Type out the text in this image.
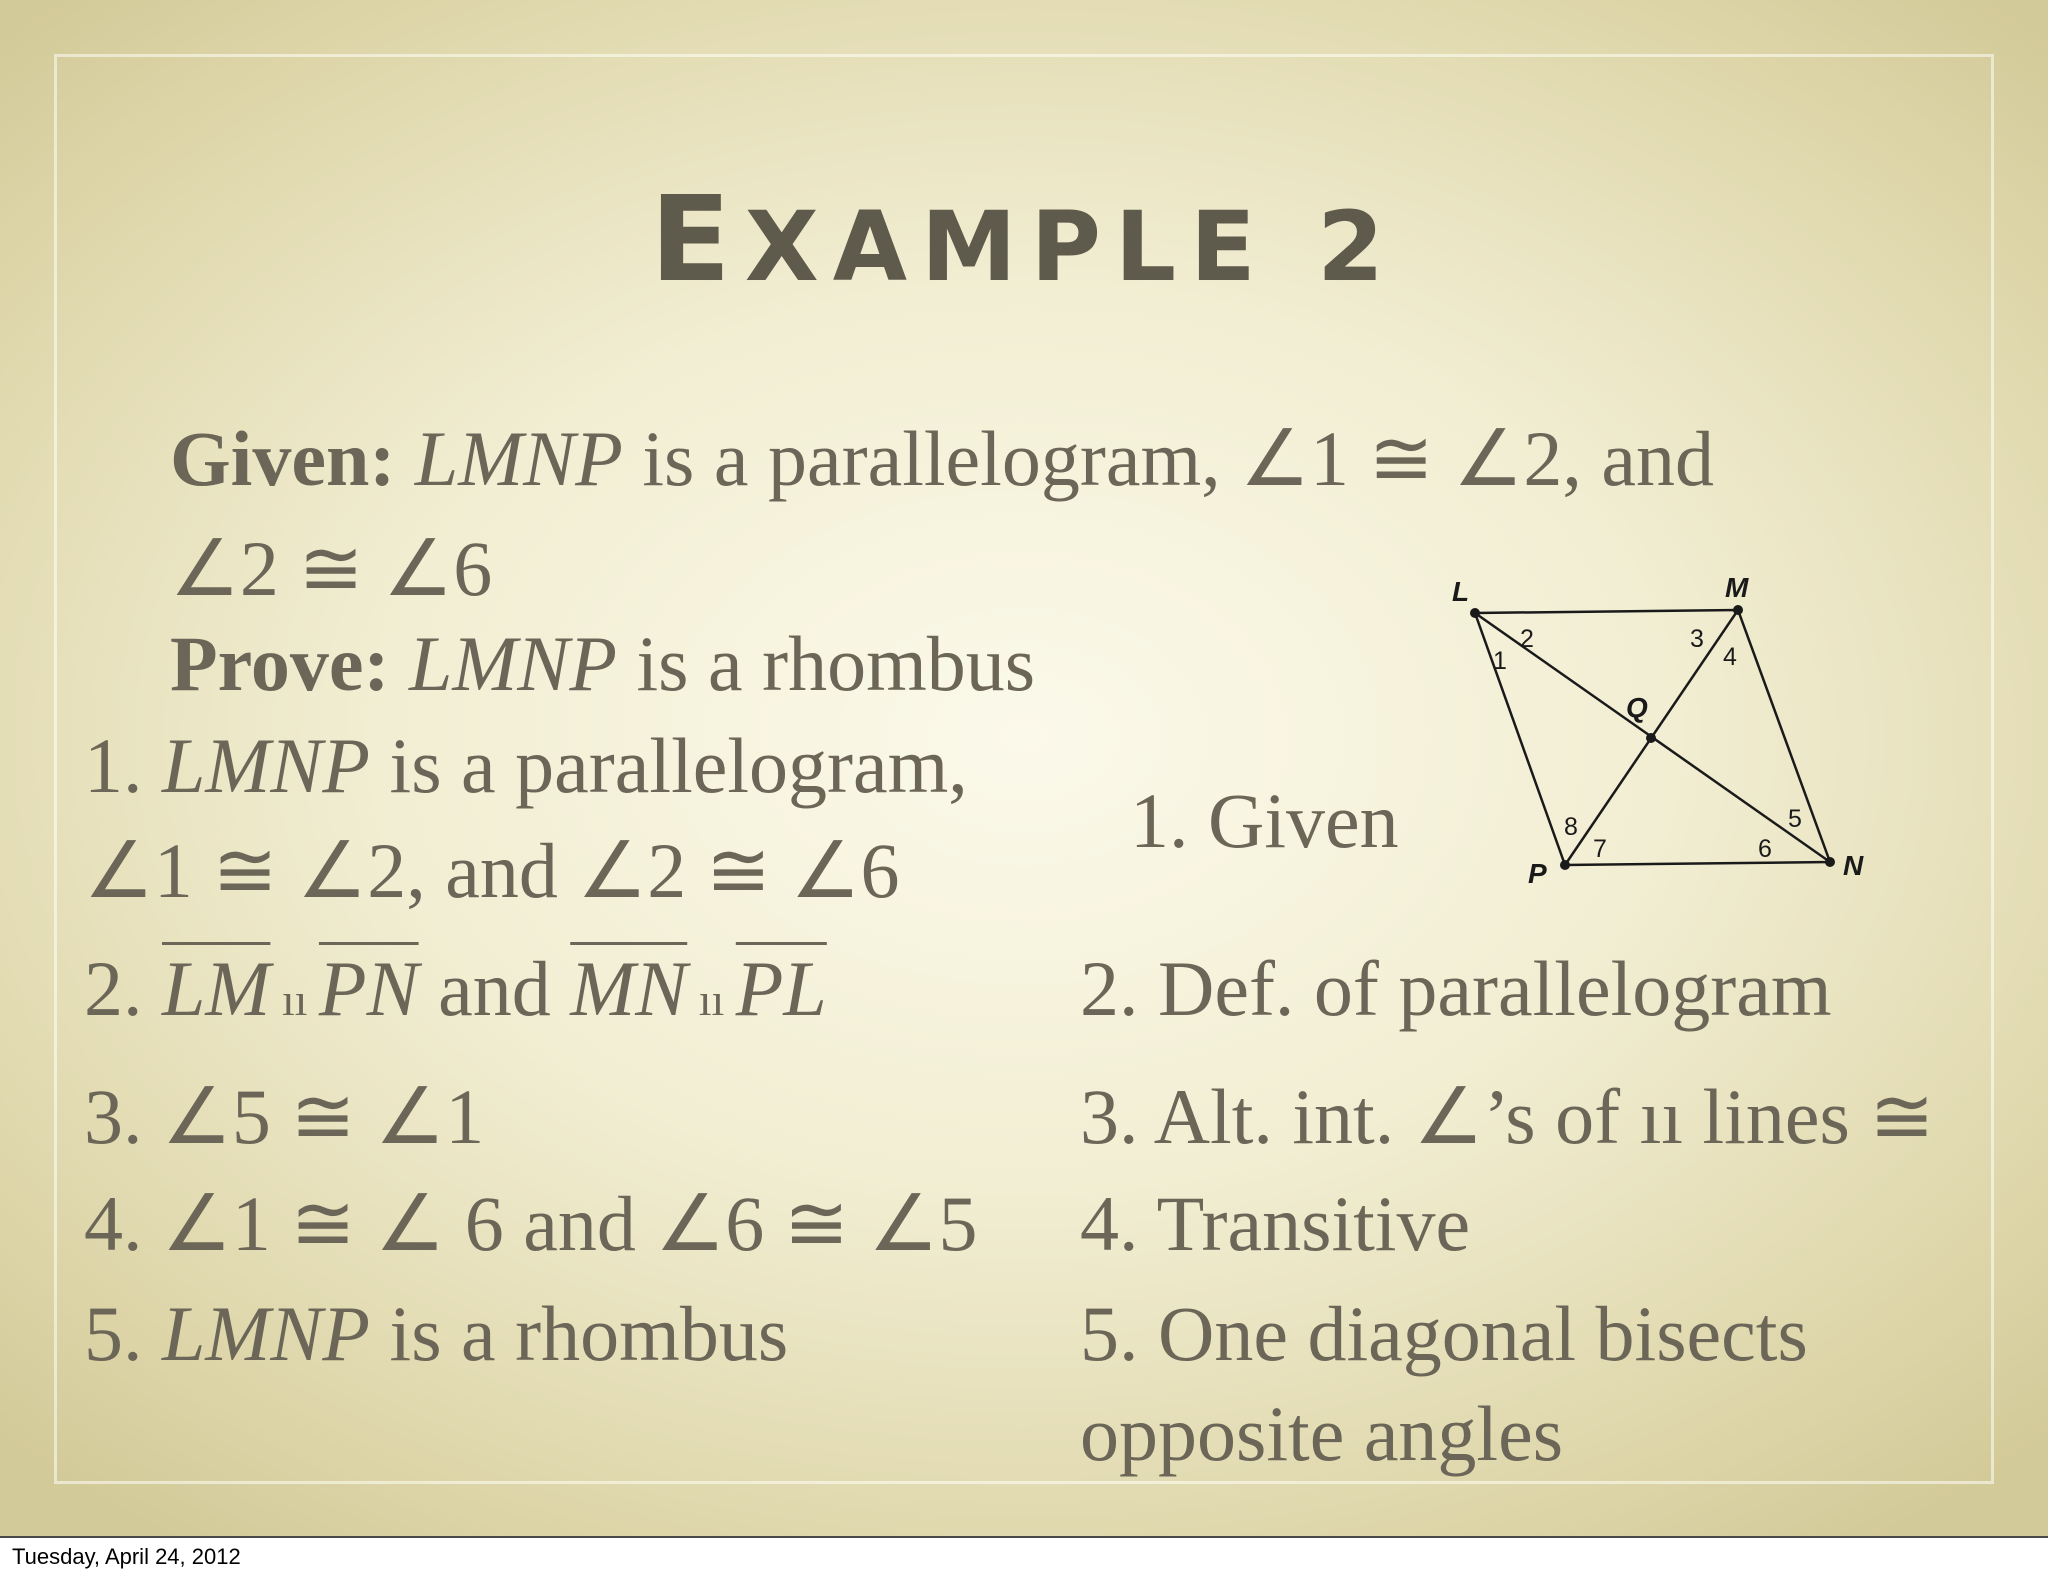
EXAMPLE 2
Given: LMNP is a parallelogram, ∠1 ≅ ∠2, and
∠2 ≅ ∠6
Prove: LMNP is a rhombus
1. LMNP is a parallelogram,
∠1 ≅ ∠2, and ∠2 ≅ ∠6
2. $\overline{LM}$ ıı $\overline{PN}$ and $\overline{MN}$ ıı $\overline{PL}$
3. ∠5 ≅ ∠1
4. ∠1 ≅ ∠ 6 and ∠6 ≅ ∠5
5. LMNP is a rhombus
1. Given
2. Def. of parallelogram
3. Alt. int. ∠’s of ıı lines ≅
4. Transitive
5. One diagonal bisects
opposite angles
L	M
N
P
Q
1
2	3
4
5
6
7
8
Tuesday, April 24, 2012
